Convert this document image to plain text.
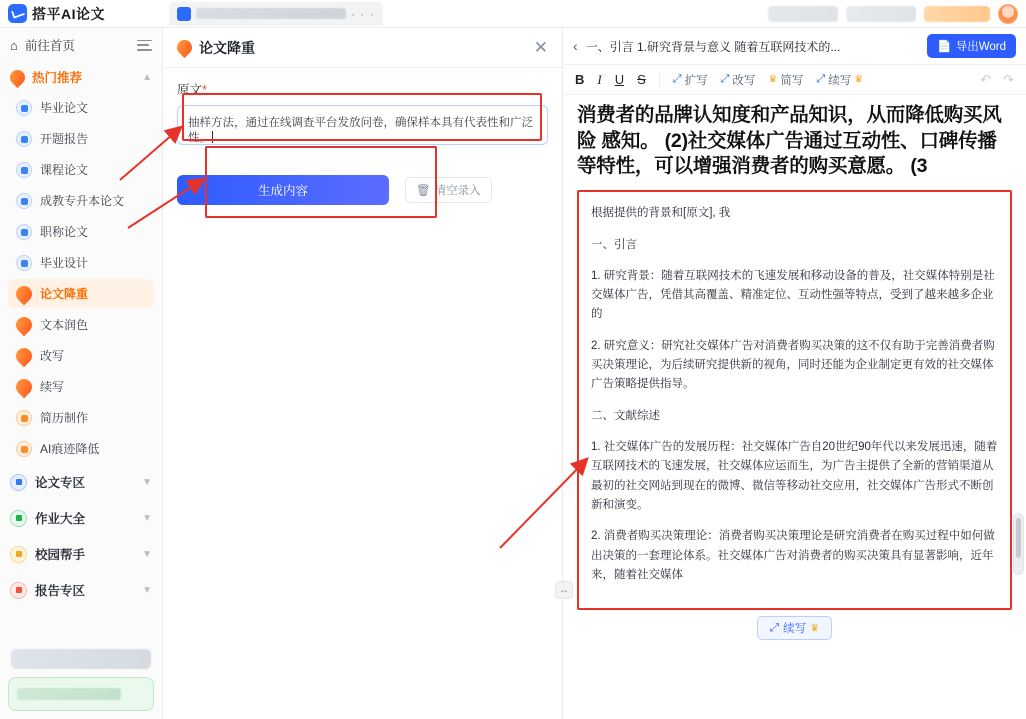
搭平AI论文	· · ·
⌂ 前往首页
热门推荐	▲
毕业论文
开题报告
课程论文
成教专升本论文
职称论文
毕业设计
论文降重
文本润色
改写
续写
简历制作
AI痕迹降低
论文专区	▼
作业大全	▼
校园帮手	▼
报告专区	▼
论文降重	✕
原文*
抽样方法，通过在线调查平台发放问卷，确保样本具有代表性和广泛性。
生成内容	🗑 清空录入
‹ 一、引言 1.研究背景与意义 随着互联网技术的...	📄 导出Word
B I U S ⤢ 扩写 ⤢ 改写 ♛ 简写 ⤢ 续写 ♛	↶ ↷
消费者的品牌认知度和产品知识，从而降低购买风险 感知。 (2)社交媒体广告通过互动性、口碑传播等特性，可以增强消费者的购买意愿。 (3

根据提供的背景和[原文], 我

一、引言

1. 研究背景：随着互联网技术的飞速发展和移动设备的普及，社交媒体特别是社交媒体广告，凭借其高覆盖、精准定位、互动性强等特点，受到了越来越多企业的

2. 研究意义：研究社交媒体广告对消费者购买决策的这不仅有助于完善消费者购买决策理论，为后续研究提供新的视角，同时还能为企业制定更有效的社交媒体广告策略提供指导。

二、文献综述

1. 社交媒体广告的发展历程：社交媒体广告自20世纪90年代以来发展迅速，随着互联网技术的飞速发展，社交媒体应运而生，为广告主提供了全新的营销渠道从最初的社交网站到现在的微博、微信等移动社交应用，社交媒体广告形式不断创新和演变。

2. 消费者购买决策理论：消费者购买决策理论是研究消费者在购买过程中如何做出决策的一套理论体系。社交媒体广告对消费者的购买决策具有显著影响，近年来，随着社交媒体

⤢ 续写 ♛
↔
